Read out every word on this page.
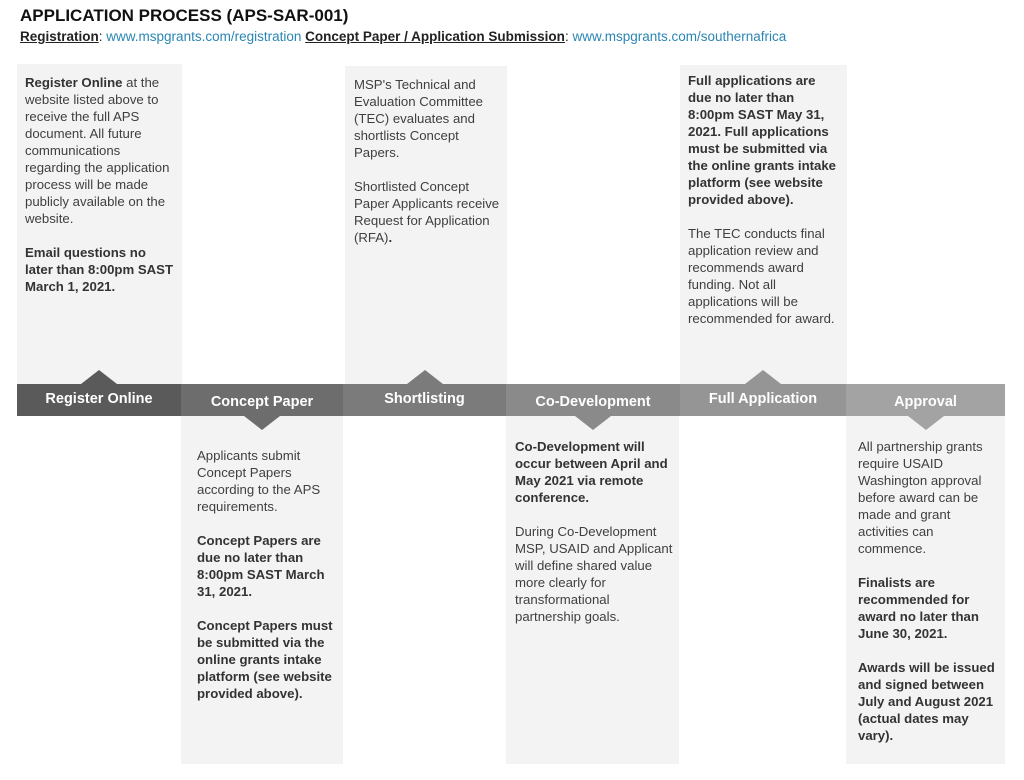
APPLICATION PROCESS (APS-SAR-001)
Registration: www.mspgrants.com/registration Concept Paper / Application Submission: www.mspgrants.com/southernafrica

Register Online at the website listed above to receive the full APS document. All future communications regarding the application process will be made publicly available on the website.

Email questions no later than 8:00pm SAST March 1, 2021.

MSP's Technical and Evaluation Committee (TEC) evaluates and shortlists Concept Papers.

Shortlisted Concept Paper Applicants receive Request for Application (RFA).

Full applications are due no later than 8:00pm SAST May 31, 2021. Full applications must be submitted via the online grants intake platform (see website provided above).

The TEC conducts final application review and recommends award funding. Not all applications will be recommended for award.

Applicants submit Concept Papers according to the APS requirements.

Concept Papers are due no later than 8:00pm SAST March 31, 2021.

Concept Papers must be submitted via the online grants intake platform (see website provided above).

Co-Development will occur between April and May 2021 via remote conference.

During Co-Development MSP, USAID and Applicant will define shared value more clearly for transformational partnership goals.

All partnership grants require USAID Washington approval before award can be made and grant activities can commence.

Finalists are recommended for award no later than June 30, 2021.

Awards will be issued and signed between July and August 2021 (actual dates may vary).

Register Online	Concept Paper	Shortlisting	Co-Development	Full Application	Approval
